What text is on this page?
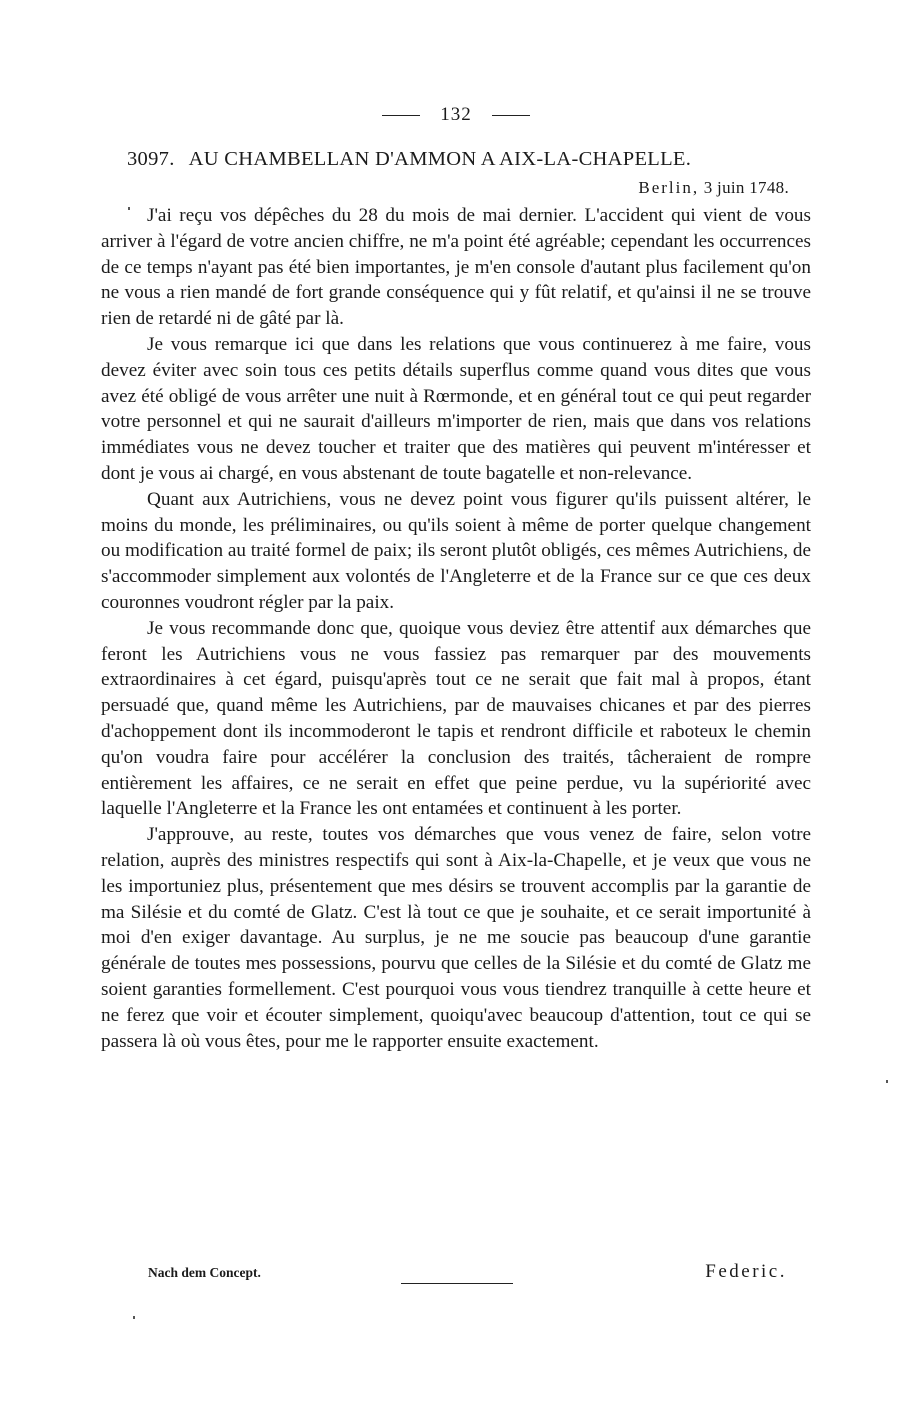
132
3097. AU CHAMBELLAN D'AMMON A AIX-LA-CHAPELLE.
Berlin, 3 juin 1748.

J'ai reçu vos dépêches du 28 du mois de mai dernier. L'accident qui vient de vous arriver à l'égard de votre ancien chiffre, ne m'a point été agréable; cependant les occurrences de ce temps n'ayant pas été bien importantes, je m'en console d'autant plus facilement qu'on ne vous a rien mandé de fort grande conséquence qui y fût relatif, et qu'ainsi il ne se trouve rien de retardé ni de gâté par là.

Je vous remarque ici que dans les relations que vous continuerez à me faire, vous devez éviter avec soin tous ces petits détails superflus comme quand vous dites que vous avez été obligé de vous arrêter une nuit à Rœrmonde, et en général tout ce qui peut regarder votre personnel et qui ne saurait d'ailleurs m'importer de rien, mais que dans vos relations immédiates vous ne devez toucher et traiter que des matières qui peuvent m'intéresser et dont je vous ai chargé, en vous abstenant de toute bagatelle et non-relevance.

Quant aux Autrichiens, vous ne devez point vous figurer qu'ils puissent altérer, le moins du monde, les préliminaires, ou qu'ils soient à même de porter quelque changement ou modification au traité formel de paix; ils seront plutôt obligés, ces mêmes Autrichiens, de s'accommoder simplement aux volontés de l'Angleterre et de la France sur ce que ces deux couronnes voudront régler par la paix.

Je vous recommande donc que, quoique vous deviez être attentif aux démarches que feront les Autrichiens vous ne vous fassiez pas remarquer par des mouvements extraordinaires à cet égard, puisqu'après tout ce ne serait que fait mal à propos, étant persuadé que, quand même les Autrichiens, par de mauvaises chicanes et par des pierres d'achoppement dont ils incommoderont le tapis et rendront difficile et raboteux le chemin qu'on voudra faire pour accélérer la conclusion des traités, tâcheraient de rompre entièrement les affaires, ce ne serait en effet que peine perdue, vu la supériorité avec laquelle l'Angleterre et la France les ont entamées et continuent à les porter.

J'approuve, au reste, toutes vos démarches que vous venez de faire, selon votre relation, auprès des ministres respectifs qui sont à Aix-la-Chapelle, et je veux que vous ne les importuniez plus, présentement que mes désirs se trouvent accomplis par la garantie de ma Silésie et du comté de Glatz. C'est là tout ce que je souhaite, et ce serait importunité à moi d'en exiger davantage. Au surplus, je ne me soucie pas beaucoup d'une garantie générale de toutes mes possessions, pourvu que celles de la Silésie et du comté de Glatz me soient garanties formellement. C'est pourquoi vous vous tiendrez tranquille à cette heure et ne ferez que voir et écouter simplement, quoiqu'avec beaucoup d'attention, tout ce qui se passera là où vous êtes, pour me le rapporter ensuite exactement.

Nach dem Concept.	Federic.
